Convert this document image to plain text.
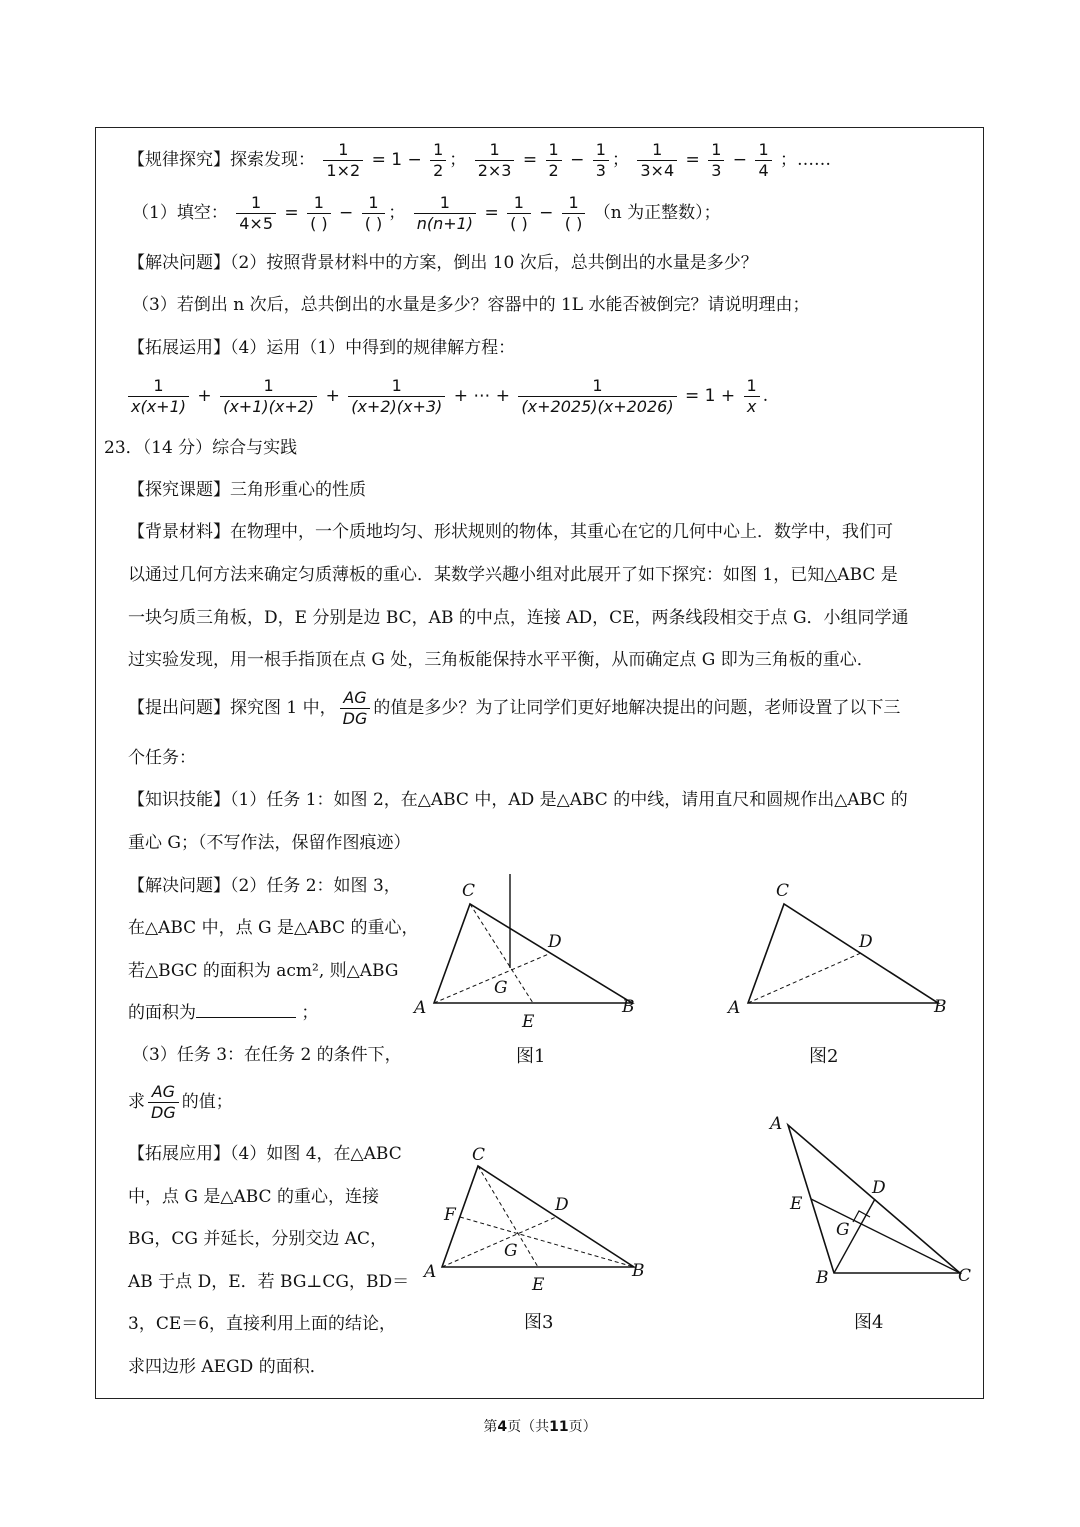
【规律探究】探索发现： $\frac{1}{1\times 2} = 1 - \frac{1}{2}$ ； $\frac{1}{2\times 3} = \frac{1}{2} - \frac{1}{3}$ ； $\frac{1}{3\times 4} = \frac{1}{3} - \frac{1}{4}$ ；……
（1）填空： $\frac{1}{4\times 5}$ =
1
( )
−
1
( )
； $\frac{1}{n(n+1)}$ =
1
( )
−
1
( )
（n 为正整数）；
【解决问题】（2）按照背景材料中的方案，倒出 10 次后，总共倒出的水量是多少？
（3）若倒出 n 次后，总共倒出的水量是多少？容器中的 1L 水能否被倒完？请说明理由；
【拓展运用】（4）运用（1）中得到的规律解方程：
$\frac{1}{x(x+1)} + \frac{1}{(x+1)(x+2)} + \frac{1}{(x+2)(x+3)}$ + ⋯ + $\frac{1}{(x+2025)(x+2026)} = 1 + \frac{1}{x}$ .
23．（14 分）综合与实践
【探究课题】三角形重心的性质
【背景材料】在物理中，一个质地均匀、形状规则的物体，其重心在它的几何中心上．数学中，我们可
以通过几何方法来确定匀质薄板的重心．某数学兴趣小组对此展开了如下探究：如图 1，已知△ABC 是
一块匀质三角板，D，E 分别是边 BC，AB 的中点，连接 AD，CE，两条线段相交于点 G．小组同学通
过实验发现，用一根手指顶在点 G 处，三角板能保持水平平衡，从而确定点 G 即为三角板的重心．
【提出问题】探究图 1 中， $\frac{AG}{DG}$ 的值是多少？为了让同学们更好地解决提出的问题，老师设置了以下三
个任务：
【知识技能】（1）任务 1：如图 2，在△ABC 中，AD 是△ABC 的中线，请用直尺和圆规作出△ABC 的
重心 G；（不写作法，保留作图痕迹）
【解决问题】（2）任务 2：如图 3，
在△ABC 中，点 G 是△ABC 的重心，
若△BGC 的面积为 acm², 则△ABG
的面积为	；
（3）任务 3：在任务 2 的条件下，
求 $\frac{AG}{DG}$ 的值；
【拓展应用】（4）如图 4，在△ABC
中，点 G 是△ABC 的重心，连接
BG，CG 并延长，分别交边 AC，
AB 于点 D，E．若 BG⊥CG，BD＝
3，CE＝6，直接利用上面的结论，
求四边形 AEGD 的面积．
A
C
B
D
E
G
图1
A
C
B
D
图2
A
C
B
D
F
E
G
图3
A
E
D
G
B	C
图4
第4页（共11页）
